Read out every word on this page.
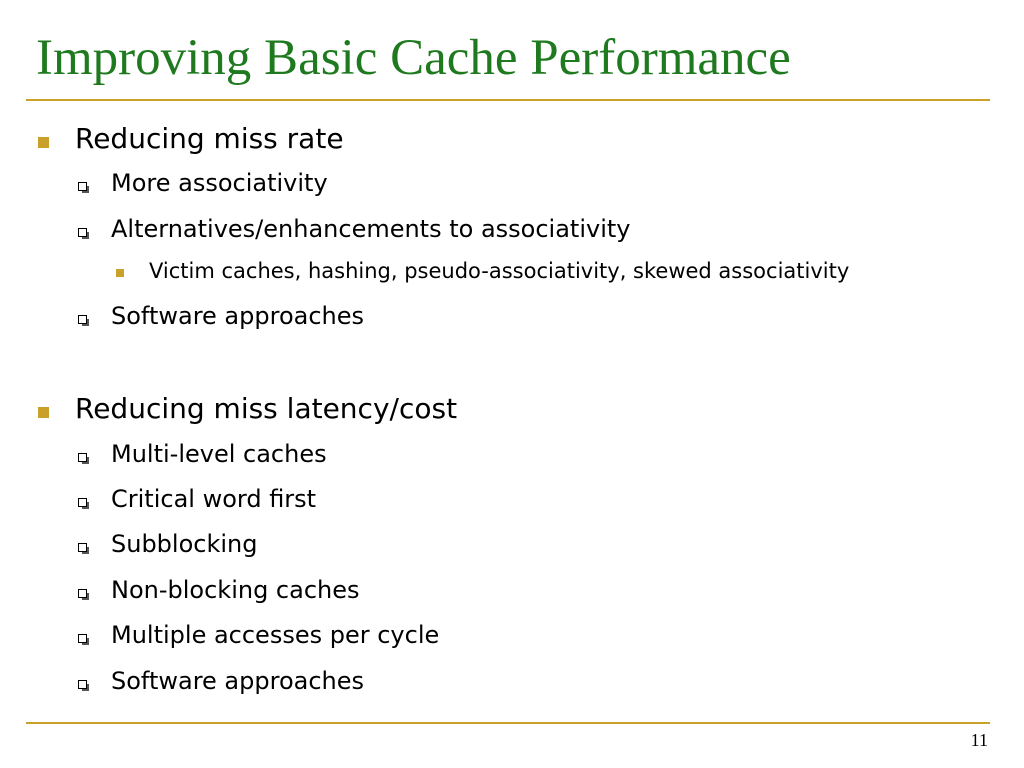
Improving Basic Cache Performance
Reducing miss rate
More associativity
Alternatives/enhancements to associativity
Victim caches, hashing, pseudo-associativity, skewed associativity
Software approaches
Reducing miss latency/cost
Multi-level caches
Critical word first
Subblocking
Non-blocking caches
Multiple accesses per cycle
Software approaches
11
